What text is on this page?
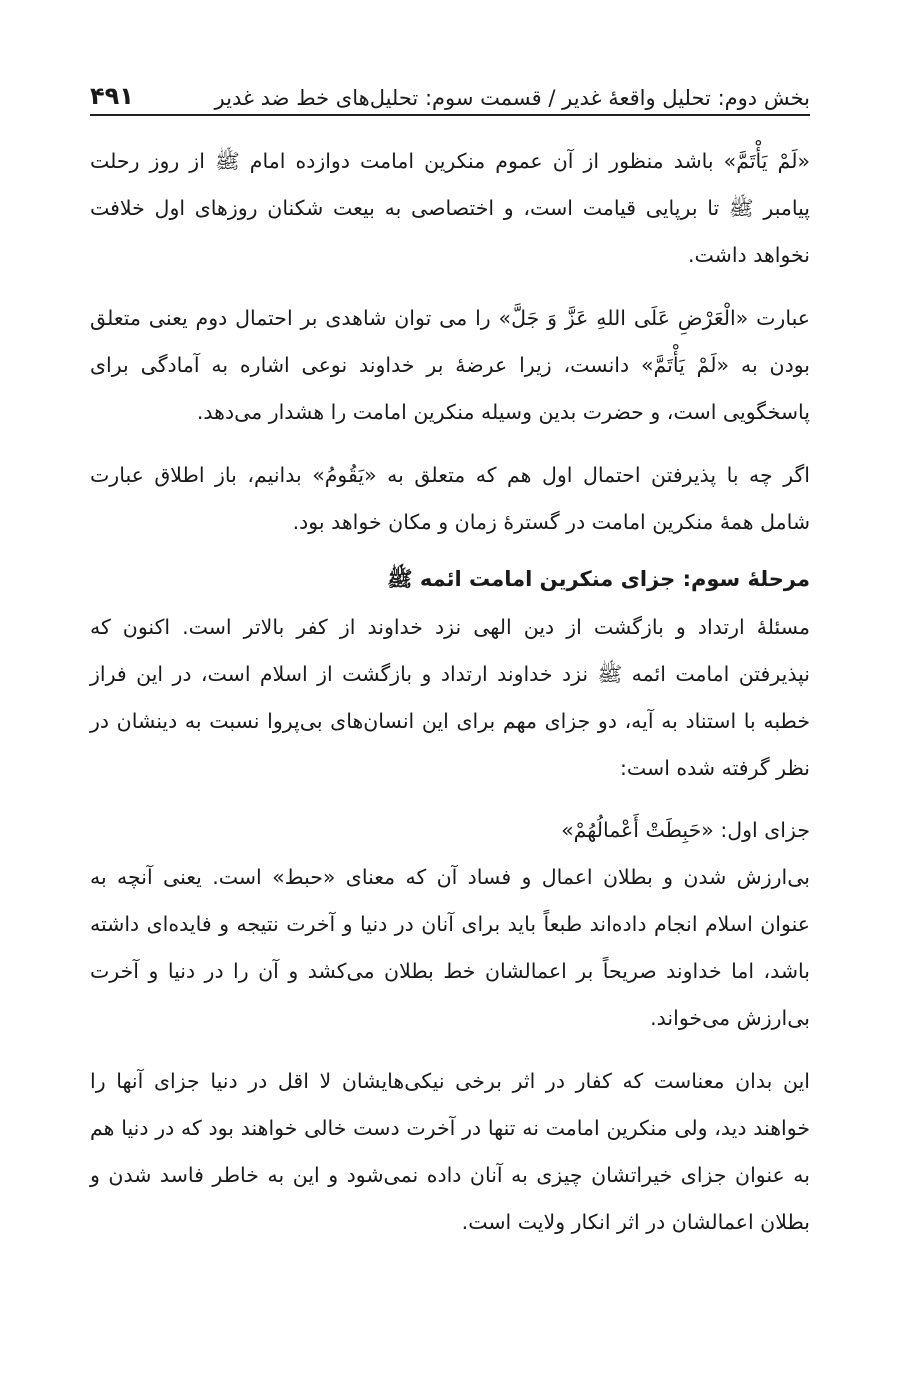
بخش دوم: تحلیل واقعهٔ غدیر / قسمت سوم: تحلیل‌های خط ضد غدیر
۴۹۱

«لَمْ یَأْتَمَّ» باشد منظور از آن عموم منکرین امامت دوازده امام ﷺ از روز رحلت پیامبر ﷺ تا برپایی قیامت است، و اختصاصی به بیعت شکنان روزهای اول خلافت نخواهد داشت.

عبارت «الْعَرْضِ عَلَی اللهِ عَزَّ وَ جَلَّ» را می توان شاهدی بر احتمال دوم یعنی متعلق بودن به «لَمْ یَأْتَمَّ» دانست، زیرا عرضهٔ بر خداوند نوعی اشاره به آمادگی برای پاسخگویی است، و حضرت بدین وسیله منکرین امامت را هشدار می‌دهد.

اگر چه با پذیرفتن احتمال اول هم که متعلق به «یَقُومُ» بدانیم، باز اطلاق عبارت شامل همهٔ منکرین امامت در گسترهٔ زمان و مکان خواهد بود.

مرحلهٔ سوم: جزای منکرین امامت ائمه ﷺ

مسئلهٔ ارتداد و بازگشت از دین الهی نزد خداوند از کفر بالاتر است. اکنون که نپذیرفتن امامت ائمه ﷺ نزد خداوند ارتداد و بازگشت از اسلام است، در این فراز خطبه با استناد به آیه، دو جزای مهم برای این انسان‌های بی‌پروا نسبت به دینشان در نظر گرفته شده است:

جزای اول: «حَبِطَتْ أَعْمالُهُمْ»

بی‌ارزش شدن و بطلان اعمال و فساد آن که معنای «حبط» است. یعنی آنچه به عنوان اسلام انجام داده‌اند طبعاً باید برای آنان در دنیا و آخرت نتیجه و فایده‌ای داشته باشد، اما خداوند صریحاً بر اعمالشان خط بطلان می‌کشد و آن را در دنیا و آخرت بی‌ارزش می‌خواند.

این بدان معناست که کفار در اثر برخی نیکی‌هایشان لا اقل در دنیا جزای آنها را خواهند دید، ولی منکرین امامت نه تنها در آخرت دست خالی خواهند بود که در دنیا هم به عنوان جزای خیراتشان چیزی به آنان داده نمی‌شود و این به خاطر فاسد شدن و بطلان اعمالشان در اثر انکار ولایت است.
